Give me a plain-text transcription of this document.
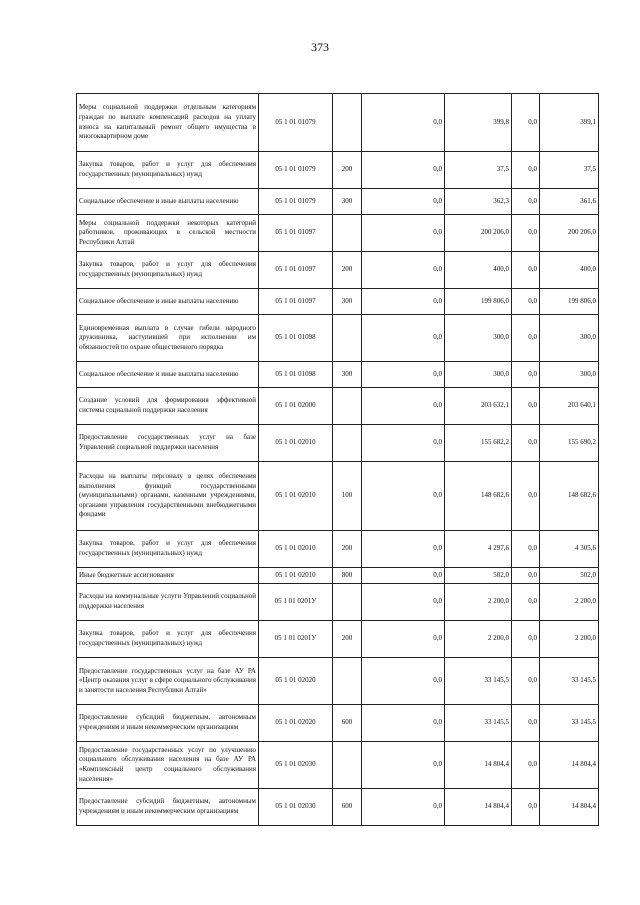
373
Меры социальной поддержки отдельным категориям граждан по выплате компенсаций расходов на уплату взноса на капитальный ремонт общего имущества в многоквартирном доме	05 1 01 01079		0,0	399,8	0,0	399,1
Закупка товаров, работ и услуг для обеспечения государственных (муниципальных) нужд	05 1 01 01079	200	0,0	37,5	0,0	37,5
Социальное обеспечение и иные выплаты населению	05 1 01 01079	300	0,0	362,3	0,0	361,6
Меры социальной поддержки некоторых категорий работников, проживающих в сельской местности Республики Алтай	05 1 01 01097		0,0	200 206,0	0,0	200 206,0
Закупка товаров, работ и услуг для обеспечения государственных (муниципальных) нужд	05 1 01 01097	200	0,0	400,0	0,0	400,0
Социальное обеспечение и иные выплаты населению	05 1 01 01097	300	0,0	199 806,0	0,0	199 806,0
Единовременная выплата в случае гибели народного дружинника, наступившей при исполнении им обязанностей по охране общественного порядка	05 1 01 01098		0,0	300,0	0,0	300,0
Социальное обеспечение и иные выплаты населению	05 1 01 01098	300	0,0	300,0	0,0	300,0
Создание условий для формирования эффективной системы социальной поддержки населения	05 1 01 02000		0,0	203 632,1	0,0	203 640,1
Предоставление государственных услуг на базе Управлений социальной поддержки населения	05 1 01 02010		0,0	155 682,2	0,0	155 690,2
Расходы на выплаты персоналу в целях обеспечения выполнения функций государственными (муниципальными) органами, казенными учреждениями, органами управления государственными внебюджетными фондами	05 1 01 02010	100	0,0	148 682,6	0,0	148 682,6
Закупка товаров, работ и услуг для обеспечения государственных (муниципальных) нужд	05 1 01 02010	200	0,0	4 297,6	0,0	4 305,6
Иные бюджетные ассигнования	05 1 01 02010	800	0,0	502,0	0,0	502,0
Расходы на коммунальные услуги Управлений социальной поддержки населения	05 1 01 0201У		0,0	2 200,0	0,0	2 200,0
Закупка товаров, работ и услуг для обеспечения государственных (муниципальных) нужд	05 1 01 0201У	200	0,0	2 200,0	0,0	2 200,0
Предоставление государственных услуг на базе АУ РА «Центр оказания услуг в сфере социального обслуживания и занятости населения Республики Алтай»	05 1 01 02020		0,0	33 145,5	0,0	33 145,5
Предоставление субсидий бюджетным, автономным учреждениям и иным некоммерческим организациям	05 1 01 02020	600	0,0	33 145,5	0,0	33 145,5
Предоставление государственных услуг по улучшению социального обслуживания населения на базе АУ РА «Комплексный центр социального обслуживания населения»	05 1 01 02030		0,0	14 804,4	0,0	14 804,4
Предоставление субсидий бюджетным, автономным учреждениям и иным некоммерческим организациям	05 1 01 02030	600	0,0	14 804,4	0,0	14 804,4
